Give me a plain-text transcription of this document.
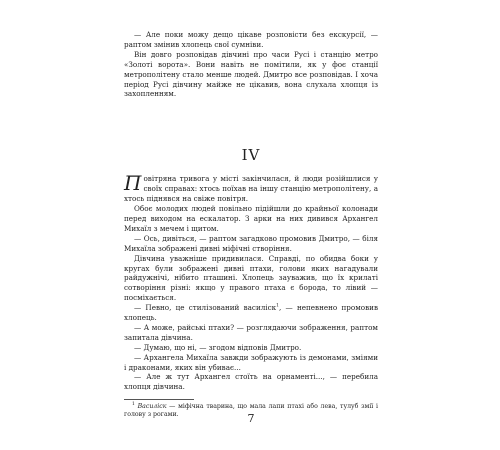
— Але поки можу дещо цікаве розповісти без екскурсії, — раптом змінив хлопець свої сумніви.

Він довго розповідав дівчині про часи Русі і станцію метро «Золоті ворота». Вони навіть не помітили, як у фоє станції метрополітену стало менше людей. Дмитро все розповідав. І хоча період Русі дівчину майже не цікавив, вона слухала хлопця із захопленням.

IV

Повітряна тривога у місті закінчилася, й люди розійшлися у своїх справах: хтось поїхав на іншу станцію метрополітену, а хтось піднявся на свіже повітря.

Обоє молодих людей повільно підійшли до крайньої колонади перед виходом на ескалатор. З арки на них дивився Архангел Михаїл з мечем і щитом.

— Ось, дивіться, — раптом загадково промовив Дмитро, — біля Михаїла зображені дивні міфічні створіння.

Дівчина уважніше придивилася. Справді, по обидва боки у кругах були зображені дивні птахи, голови яких нагадували райдужнічі, нібито пташині. Хлопець зауважив, що їх крилаті сотворіння різні: якщо у правого птаха є борода, то лівий — посміхається.

— Певно, це стилізований василіск$^1$, — непевнено промовив хлопець.

— А може, райські птахи? — розглядаючи зображення, раптом запитала дівчина.

— Думаю, що ні, — згодом відповів Дмитро.

— Архангела Михаїла завжди зображують із демонами, зміями і драконами, яких він убиває...

— Але ж тут Архангел стоїть на орнаменті..., — перебила хлопця дівчина.

$^1$ Василіск — міфічна тварина, що мала лапи птахі або лева, тулуб змії і голову з рогами.	7
